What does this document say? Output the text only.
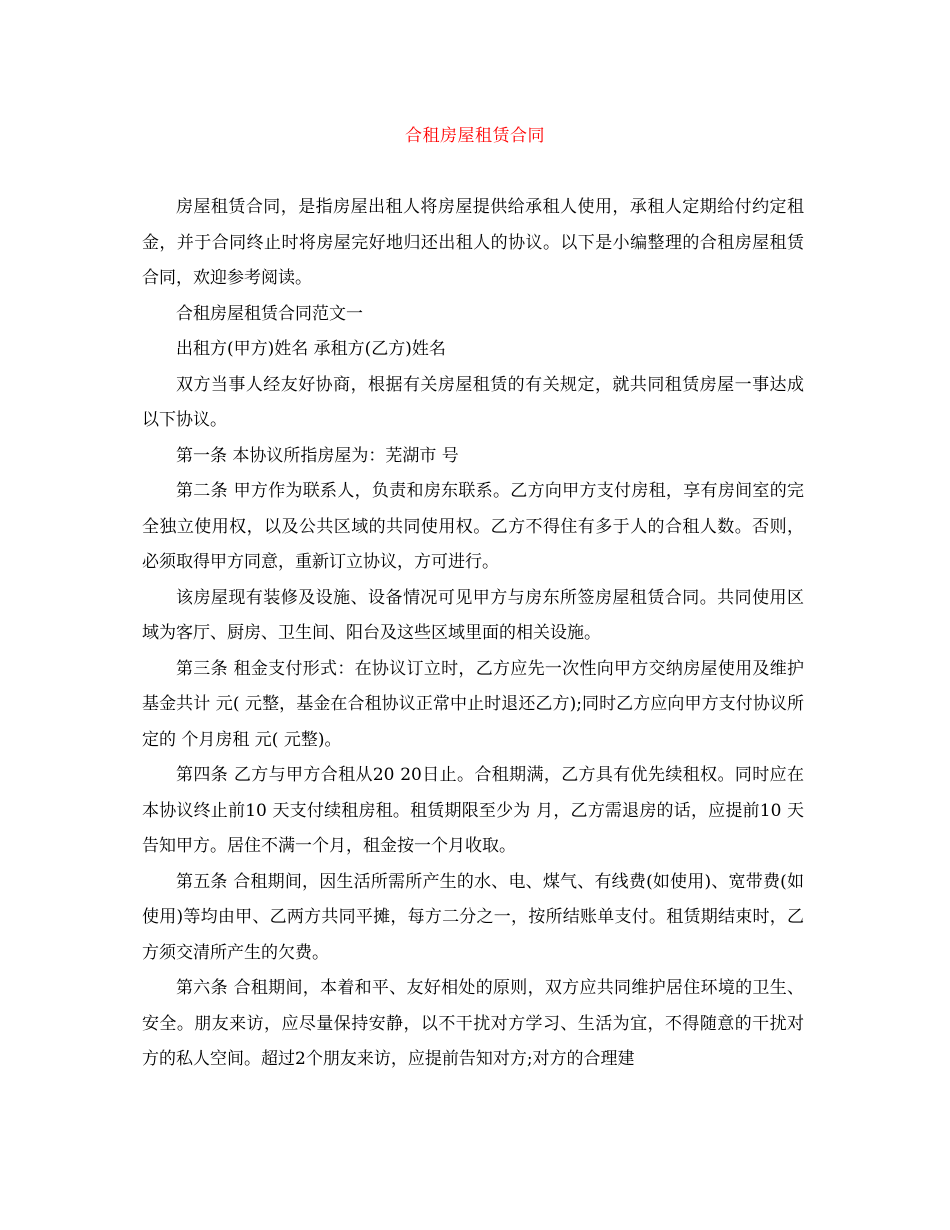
合租房屋租赁合同

房屋租赁合同，是指房屋出租人将房屋提供给承租人使用，承租人定期给付约定租金，并于合同终止时将房屋完好地归还出租人的协议。以下是小编整理的合租房屋租赁合同，欢迎参考阅读。

合租房屋租赁合同范文一

出租方(甲方)姓名 承租方(乙方)姓名

双方当事人经友好协商，根据有关房屋租赁的有关规定，就共同租赁房屋一事达成以下协议。

第一条 本协议所指房屋为：芜湖市 号

第二条 甲方作为联系人，负责和房东联系。乙方向甲方支付房租，享有房间室的完全独立使用权，以及公共区域的共同使用权。乙方不得住有多于人的合租人数。否则，必须取得甲方同意，重新订立协议，方可进行。

该房屋现有装修及设施、设备情况可见甲方与房东所签房屋租赁合同。共同使用区域为客厅、厨房、卫生间、阳台及这些区域里面的相关设施。

第三条 租金支付形式：在协议订立时，乙方应先一次性向甲方交纳房屋使用及维护基金共计 元( 元整，基金在合租协议正常中止时退还乙方);同时乙方应向甲方支付协议所定的 个月房租 元( 元整)。

第四条 乙方与甲方合租从20 20日止。合租期满，乙方具有优先续租权。同时应在本协议终止前10 天支付续租房租。租赁期限至少为 月，乙方需退房的话，应提前10 天告知甲方。居住不满一个月，租金按一个月收取。

第五条 合租期间，因生活所需所产生的水、电、煤气、有线费(如使用)、宽带费(如使用)等均由甲、乙两方共同平摊，每方二分之一，按所结账单支付。租赁期结束时，乙方须交清所产生的欠费。

第六条 合租期间，本着和平、友好相处的原则，双方应共同维护居住环境的卫生、安全。朋友来访，应尽量保持安静，以不干扰对方学习、生活为宜，不得随意的干扰对方的私人空间。超过2个朋友来访，应提前告知对方;对方的合理建
